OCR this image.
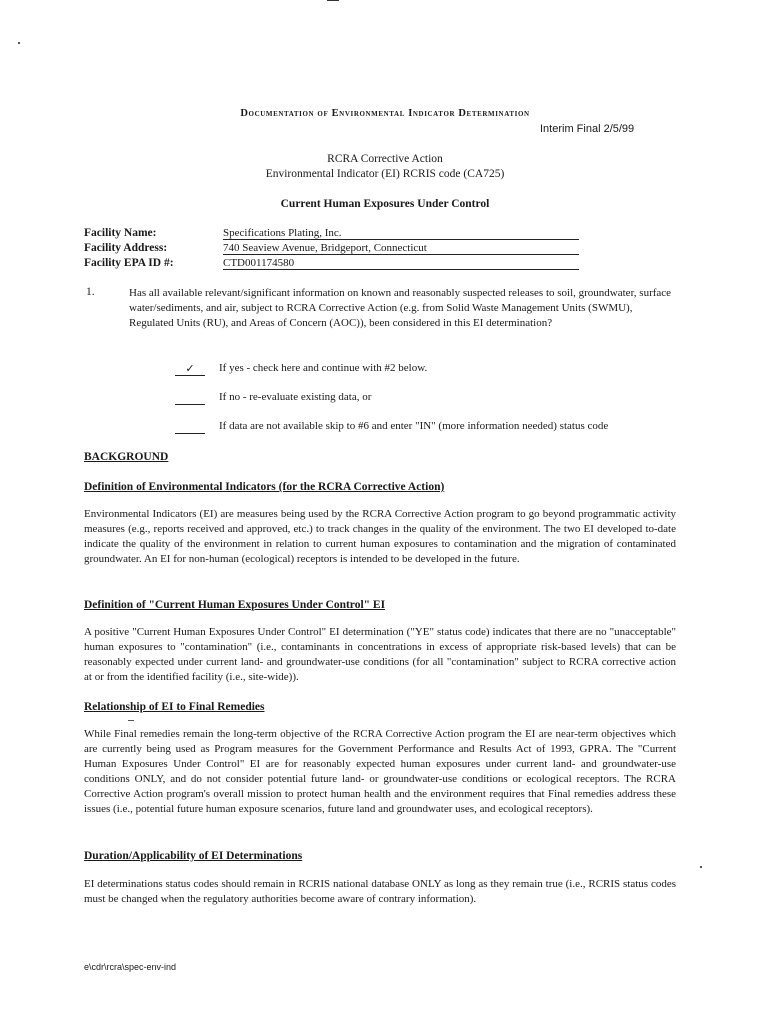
Documentation of Environmental Indicator Determination
Interim Final 2/5/99
RCRA Corrective Action
Environmental Indicator (EI) RCRIS code (CA725)
Current Human Exposures Under Control
Facility Name:	Specifications Plating, Inc.
Facility Address:	740 Seaview Avenue, Bridgeport, Connecticut
Facility EPA ID #:	CTD001174580
1.	Has all available relevant/significant information on known and reasonably suspected releases to soil, groundwater, surface water/sediments, and air, subject to RCRA Corrective Action (e.g. from Solid Waste Management Units (SWMU), Regulated Units (RU), and Areas of Concern (AOC)), been considered in this EI determination?
✓	If yes - check here and continue with #2 below.
If no - re-evaluate existing data, or
If data are not available skip to #6 and enter "IN" (more information needed) status code
BACKGROUND
Definition of Environmental Indicators (for the RCRA Corrective Action)
Environmental Indicators (EI) are measures being used by the RCRA Corrective Action program to go beyond programmatic activity measures (e.g., reports received and approved, etc.) to track changes in the quality of the environment. The two EI developed to-date indicate the quality of the environment in relation to current human exposures to contamination and the migration of contaminated groundwater. An EI for non-human (ecological) receptors is intended to be developed in the future.
Definition of "Current Human Exposures Under Control" EI
A positive "Current Human Exposures Under Control" EI determination ("YE" status code) indicates that there are no "unacceptable" human exposures to "contamination" (i.e., contaminants in concentrations in excess of appropriate risk-based levels) that can be reasonably expected under current land- and groundwater-use conditions (for all "contamination" subject to RCRA corrective action at or from the identified facility (i.e., site-wide)).
Relationship of EI to Final Remedies
While Final remedies remain the long-term objective of the RCRA Corrective Action program the EI are near-term objectives which are currently being used as Program measures for the Government Performance and Results Act of 1993, GPRA. The "Current Human Exposures Under Control" EI are for reasonably expected human exposures under current land- and groundwater-use conditions ONLY, and do not consider potential future land- or groundwater-use conditions or ecological receptors. The RCRA Corrective Action program's overall mission to protect human health and the environment requires that Final remedies address these issues (i.e., potential future human exposure scenarios, future land and groundwater uses, and ecological receptors).
Duration/Applicability of EI Determinations
EI determinations status codes should remain in RCRIS national database ONLY as long as they remain true (i.e., RCRIS status codes must be changed when the regulatory authorities become aware of contrary information).
e\cdr\rcra\spec-env-ind
